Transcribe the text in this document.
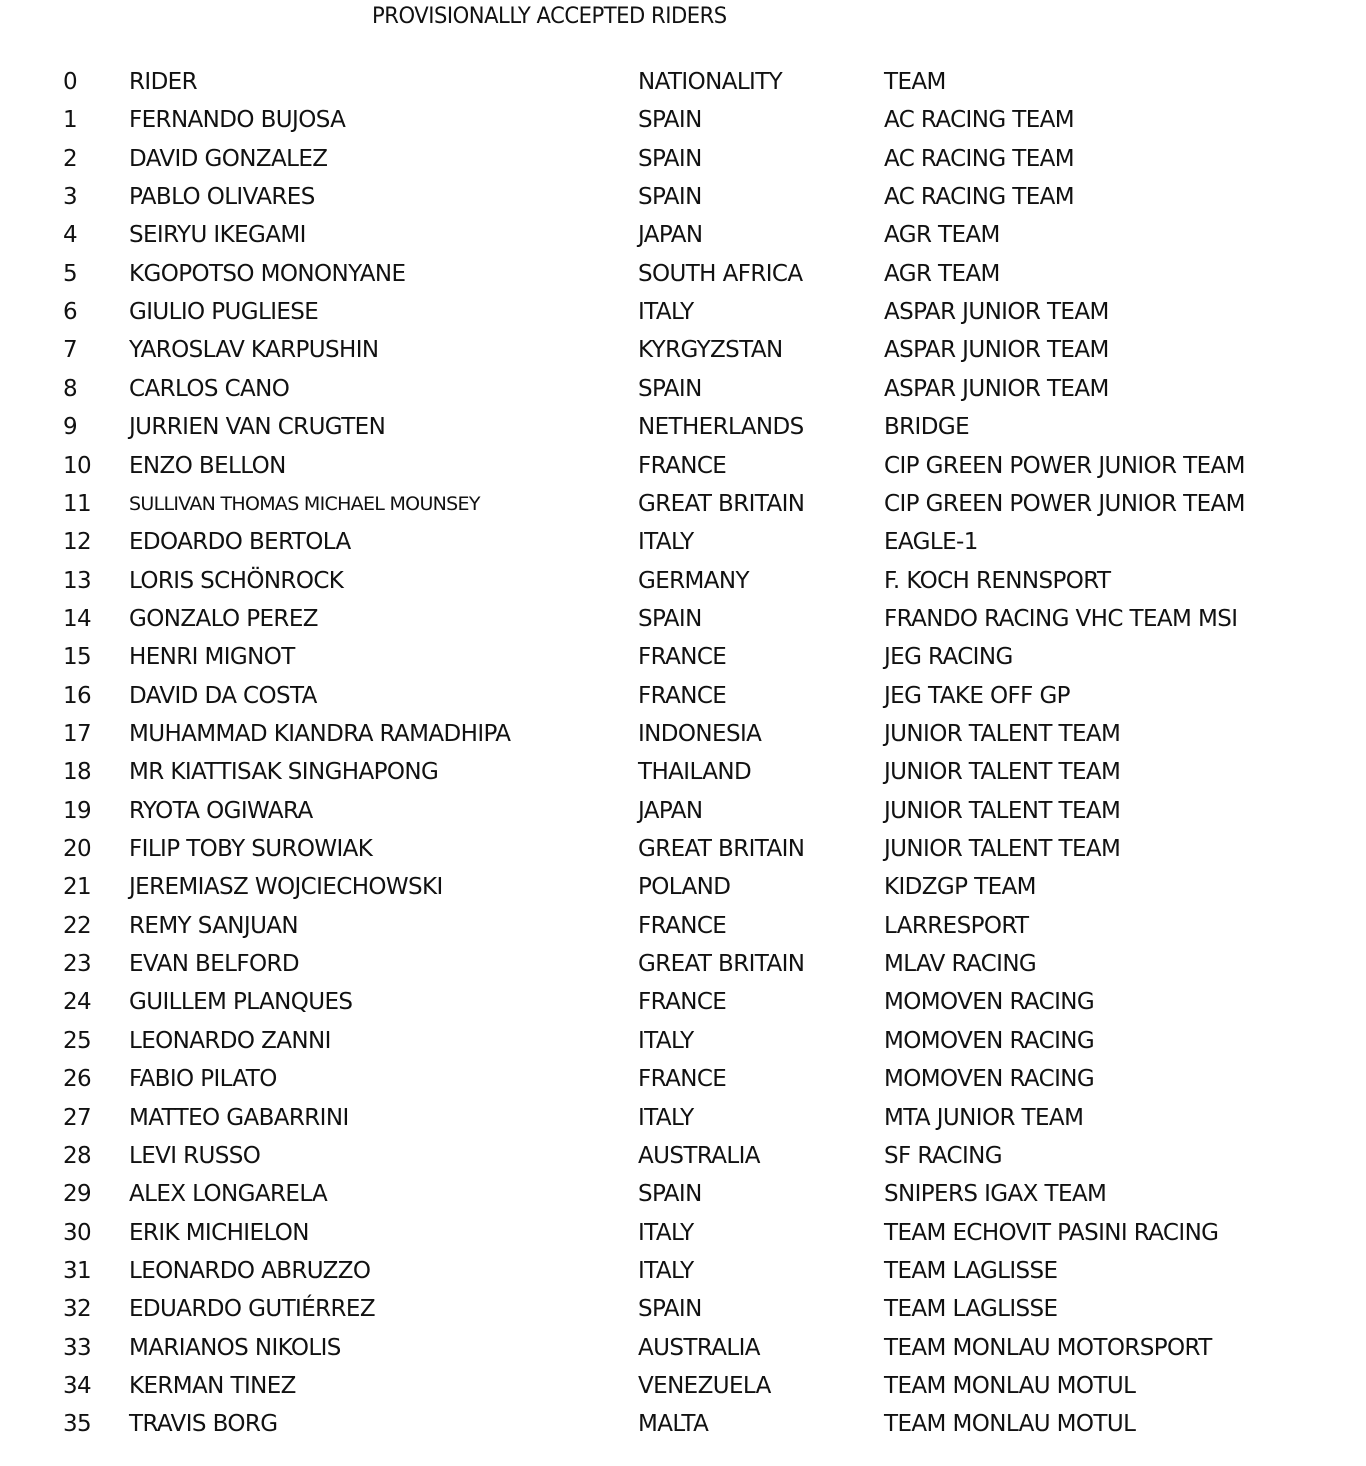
PROVISIONALLY ACCEPTED RIDERS
0 RIDER	NATIONALITY	TEAM
1 FERNANDO BUJOSA	SPAIN	AC RACING TEAM
2 DAVID GONZALEZ	SPAIN	AC RACING TEAM
3 PABLO OLIVARES	SPAIN	AC RACING TEAM
4 SEIRYU IKEGAMI	JAPAN	AGR TEAM
5 KGOPOTSO MONONYANE	SOUTH AFRICA	AGR TEAM
6 GIULIO PUGLIESE	ITALY	ASPAR JUNIOR TEAM
7 YAROSLAV KARPUSHIN	KYRGYZSTAN	ASPAR JUNIOR TEAM
8 CARLOS CANO	SPAIN	ASPAR JUNIOR TEAM
9 JURRIEN VAN CRUGTEN	NETHERLANDS	BRIDGE
10 ENZO BELLON	FRANCE	CIP GREEN POWER JUNIOR TEAM
11 SULLIVAN THOMAS MICHAEL MOUNSEY	GREAT BRITAIN	CIP GREEN POWER JUNIOR TEAM
12 EDOARDO BERTOLA	ITALY	EAGLE-1
13 LORIS SCHÖNROCK	GERMANY	F. KOCH RENNSPORT
14 GONZALO PEREZ	SPAIN	FRANDO RACING VHC TEAM MSI
15 HENRI MIGNOT	FRANCE	JEG RACING
16 DAVID DA COSTA	FRANCE	JEG TAKE OFF GP
17 MUHAMMAD KIANDRA RAMADHIPA	INDONESIA	JUNIOR TALENT TEAM
18 MR KIATTISAK SINGHAPONG	THAILAND	JUNIOR TALENT TEAM
19 RYOTA OGIWARA	JAPAN	JUNIOR TALENT TEAM
20 FILIP TOBY SUROWIAK	GREAT BRITAIN	JUNIOR TALENT TEAM
21 JEREMIASZ WOJCIECHOWSKI	POLAND	KIDZGP TEAM
22 REMY SANJUAN	FRANCE	LARRESPORT
23 EVAN BELFORD	GREAT BRITAIN	MLAV RACING
24 GUILLEM PLANQUES	FRANCE	MOMOVEN RACING
25 LEONARDO ZANNI	ITALY	MOMOVEN RACING
26 FABIO PILATO	FRANCE	MOMOVEN RACING
27 MATTEO GABARRINI	ITALY	MTA JUNIOR TEAM
28 LEVI RUSSO	AUSTRALIA	SF RACING
29 ALEX LONGARELA	SPAIN	SNIPERS IGAX TEAM
30 ERIK MICHIELON	ITALY	TEAM ECHOVIT PASINI RACING
31 LEONARDO ABRUZZO	ITALY	TEAM LAGLISSE
32 EDUARDO GUTIÉRREZ	SPAIN	TEAM LAGLISSE
33 MARIANOS NIKOLIS	AUSTRALIA	TEAM MONLAU MOTORSPORT
34 KERMAN TINEZ	VENEZUELA	TEAM MONLAU MOTUL
35 TRAVIS BORG	MALTA	TEAM MONLAU MOTUL
